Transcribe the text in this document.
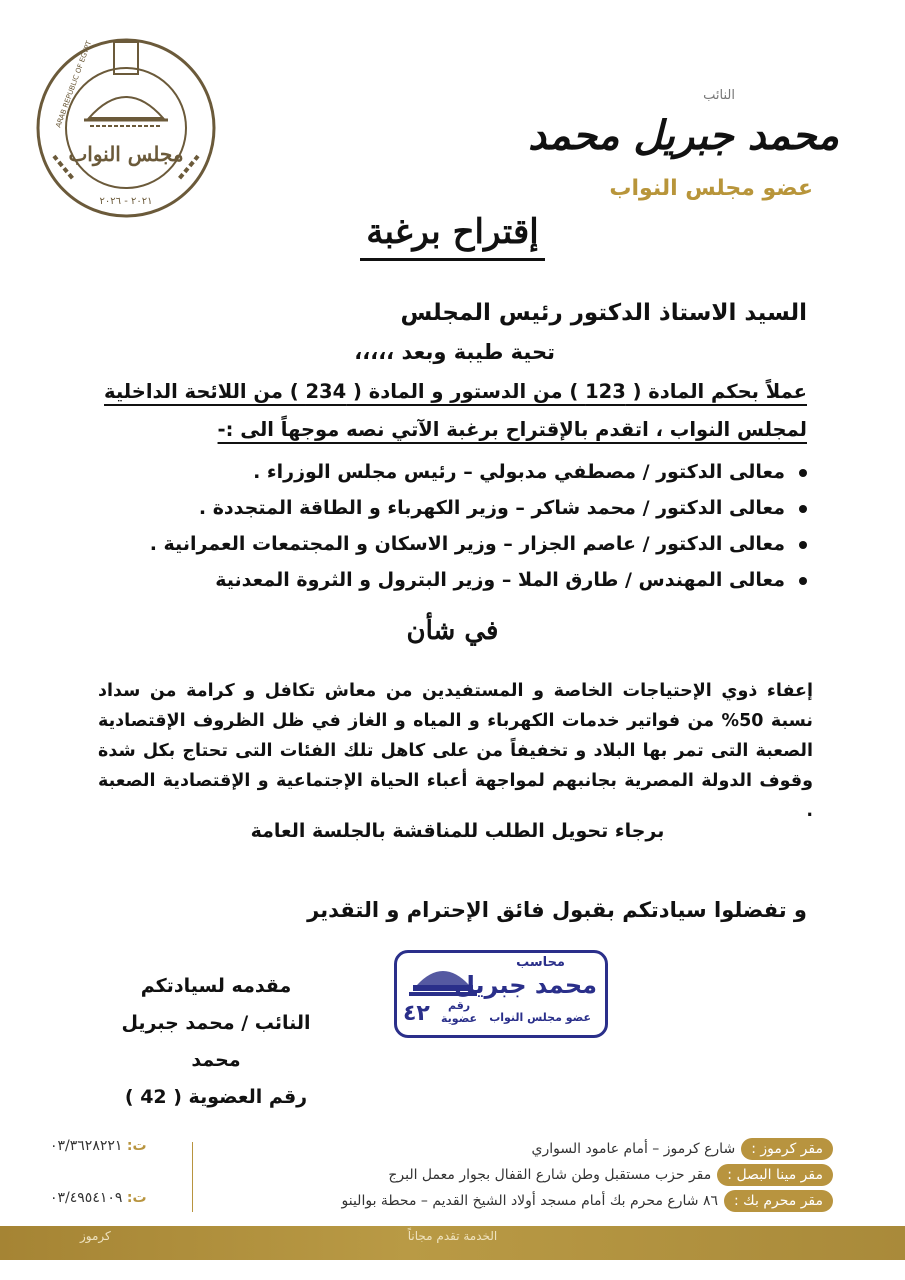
مجلس النواب
٢٠٢١ - ٢٠٢٦
ARAB REPUBLIC OF EGYPT	النائب
محمد جبريل محمد
عضو مجلس النواب
إقتراح برغبة
السيد الاستاذ الدكتور رئيس المجلس
تحية طيبة وبعد ،،،،،
عملاً بحكم المادة ( 123 ) من الدستور و المادة ( 234 ) من اللائحة الداخلية
لمجلس النواب ، اتقدم بالإقتراح برغبة الآتي نصه موجهاً الى :-
معالى الدكتور / مصطفي مدبولي – رئيس مجلس الوزراء .
معالى الدكتور / محمد شاكر – وزير الكهرباء و الطاقة المتجددة .
معالى الدكتور / عاصم الجزار – وزير الاسكان و المجتمعات العمرانية .
معالى المهندس / طارق الملا – وزير البترول و الثروة المعدنية
في شأن
إعفاء ذوي الإحتياجات الخاصة و المستفيدين من معاش تكافل و كرامة من سداد نسبة 50% من فواتير خدمات الكهرباء و المياه و الغاز في ظل الظروف الإقتصادية الصعبة التى تمر بها البلاد و تخفيفاً من على كاهل تلك الفئات التى تحتاج بكل شدة وقوف الدولة المصرية بجانبهم لمواجهة أعباء الحياة الإجتماعية و الإقتصادية الصعبة .
برجاء تحويل الطلب للمناقشة بالجلسة العامة
و تفضلوا سيادتكم بقبول فائق الإحترام و التقدير
محاسب
محمد جبريل
عضو مجلس النواب
رقم
عضوية
٤٢
مقدمه لسيادتكم
النائب / محمد جبريل محمد
رقم العضوية ( 42 )
مقر كرموز :
شارع كرموز – أمام عامود السواري
مقر مينا البصل :
مقر حزب مستقبل وطن شارع القفال بجوار معمل البرج
مقر محرم بك :
٨٦ شارع محرم بك أمام مسجد أولاد الشيخ القديم – محطة بوالينو
ت: ٠٣/٣٦٢٨٢٢١
ت: ٠٣/٤٩٥٤١٠٩
الخدمة تقدم مجاناً
كرموز
